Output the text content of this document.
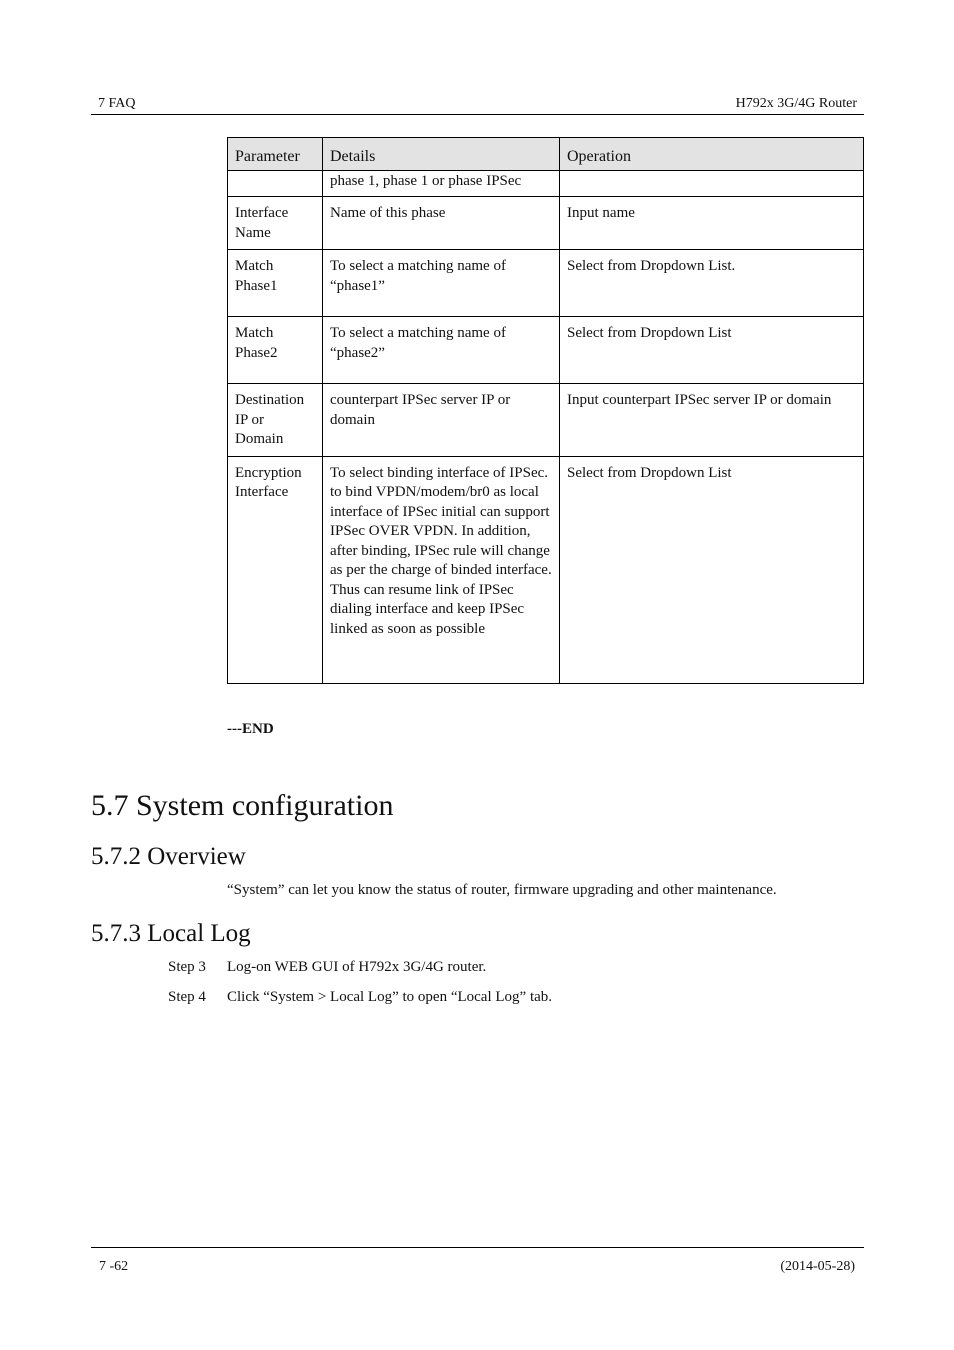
7 FAQ	H792x 3G/4G Router
Parameter	Details	Operation
	phase 1, phase 1 or phase IPSec	
Interface Name	Name of this phase	Input name
Match Phase1	To select a matching name of “phase1”	Select from Dropdown List.
Match Phase2	To select a matching name of “phase2”	Select from Dropdown List
Destination IP or Domain	counterpart IPSec server IP or domain	Input counterpart IPSec server IP or domain
Encryption Interface	To select binding interface of IPSec. to bind VPDN/modem/br0 as local interface of IPSec initial can support IPSec OVER VPDN. In addition, after binding, IPSec rule will change as per the charge of binded interface. Thus can resume link of IPSec dialing interface and keep IPSec linked as soon as possible	Select from Dropdown List
---END
5.7 System configuration
5.7.2 Overview
“System” can let you know the status of router, firmware upgrading and other maintenance.
5.7.3 Local Log
Step 3 Log-on WEB GUI of H792x 3G/4G router.
Step 4 Click “System > Local Log” to open “Local Log” tab.
7 -62	(2014-05-28)
